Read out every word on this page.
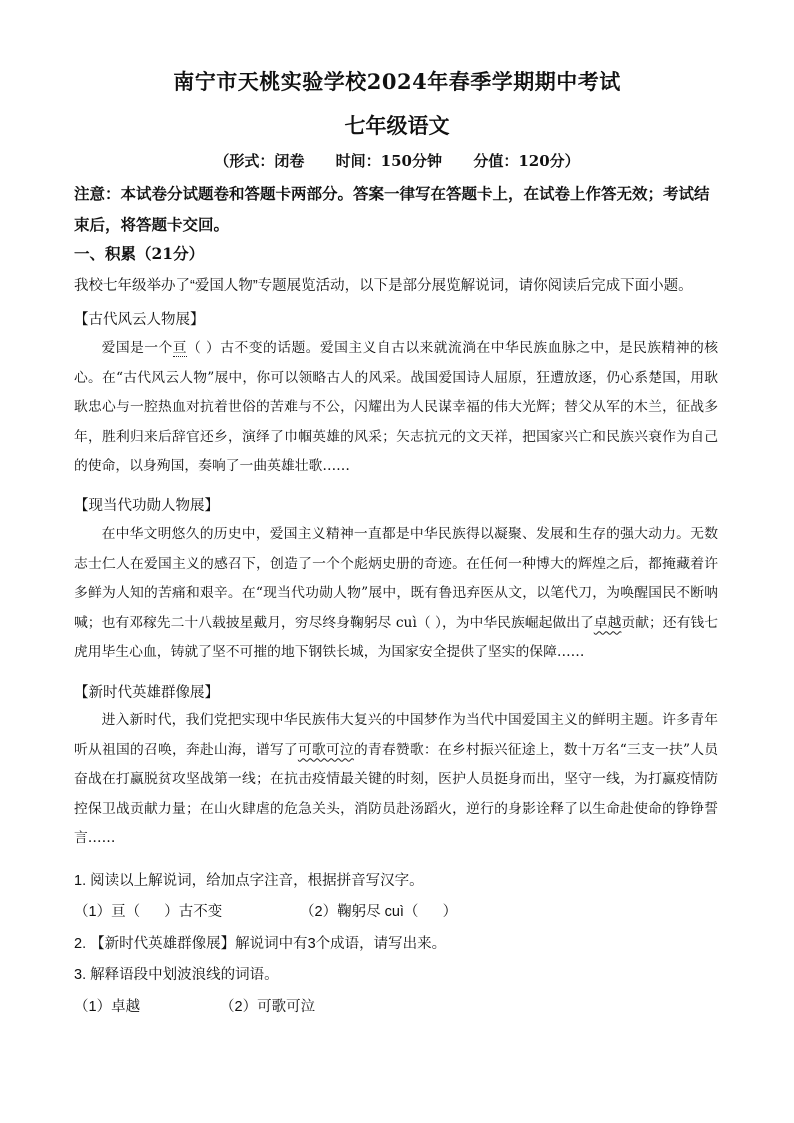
南宁市天桃实验学校2024年春季学期期中考试
七年级语文
（形式：闭卷      时间：150分钟      分值：120分）
注意：本试卷分试题卷和答题卡两部分。答案一律写在答题卡上，在试卷上作答无效；考试结束后，将答题卡交回。
一、积累（21分）
我校七年级举办了“爱国人物”专题展览活动，以下是部分展览解说词，请你阅读后完成下面小题。
【古代风云人物展】
爱国是一个亘（ ）古不变的话题。爱国主义自古以来就流淌在中华民族血脉之中，是民族精神的核心。在“古代风云人物”展中，你可以领略古人的风采。战国爱国诗人屈原，狂遭放逐，仍心系楚国，用耿耿忠心与一腔热血对抗着世俗的苦难与不公，闪耀出为人民谋幸福的伟大光辉；替父从军的木兰，征战多年，胜利归来后辞官还乡，演绎了巾帼英雄的风采；矢志抗元的文天祥，把国家兴亡和民族兴衰作为自己的使命，以身殉国，奏响了一曲英雄壮歌……
【现当代功勋人物展】
在中华文明悠久的历史中，爱国主义精神一直都是中华民族得以凝聚、发展和生存的强大动力。无数志士仁人在爱国主义的感召下，创造了一个个彪炳史册的奇迹。在任何一种博大的辉煌之后，都掩藏着许多鲜为人知的苦痛和艰辛。在“现当代功勋人物”展中，既有鲁迅弃医从文，以笔代刀，为唤醒国民不断呐喊；也有邓稼先二十八载披星戴月，穷尽终身鞠躬尽 cuì（ ），为中华民族崛起做出了卓越贡献；还有钱七虎用毕生心血，铸就了坚不可摧的地下钢铁长城，为国家安全提供了坚实的保障……
【新时代英雄群像展】
进入新时代，我们党把实现中华民族伟大复兴的中国梦作为当代中国爱国主义的鲜明主题。许多青年听从祖国的召唤，奔赴山海，谱写了可歌可泣的青春赞歌：在乡村振兴征途上，数十万名“三支一扶”人员奋战在打赢脱贫攻坚战第一线；在抗击疫情最关键的时刻，医护人员挺身而出，坚守一线，为打赢疫情防控保卫战贡献力量；在山火肆虐的危急关头，消防员赴汤蹈火，逆行的身影诠释了以生命赴使命的铮铮誓言……
1. 阅读以上解说词，给加点字注音，根据拼音写汉字。
（1）亘（      ）古不变	（2）鞠躬尽 cuì（      ）
2. 【新时代英雄群像展】解说词中有3个成语，请写出来。
3. 解释语段中划波浪线的词语。
（1）卓越	（2）可歌可泣
